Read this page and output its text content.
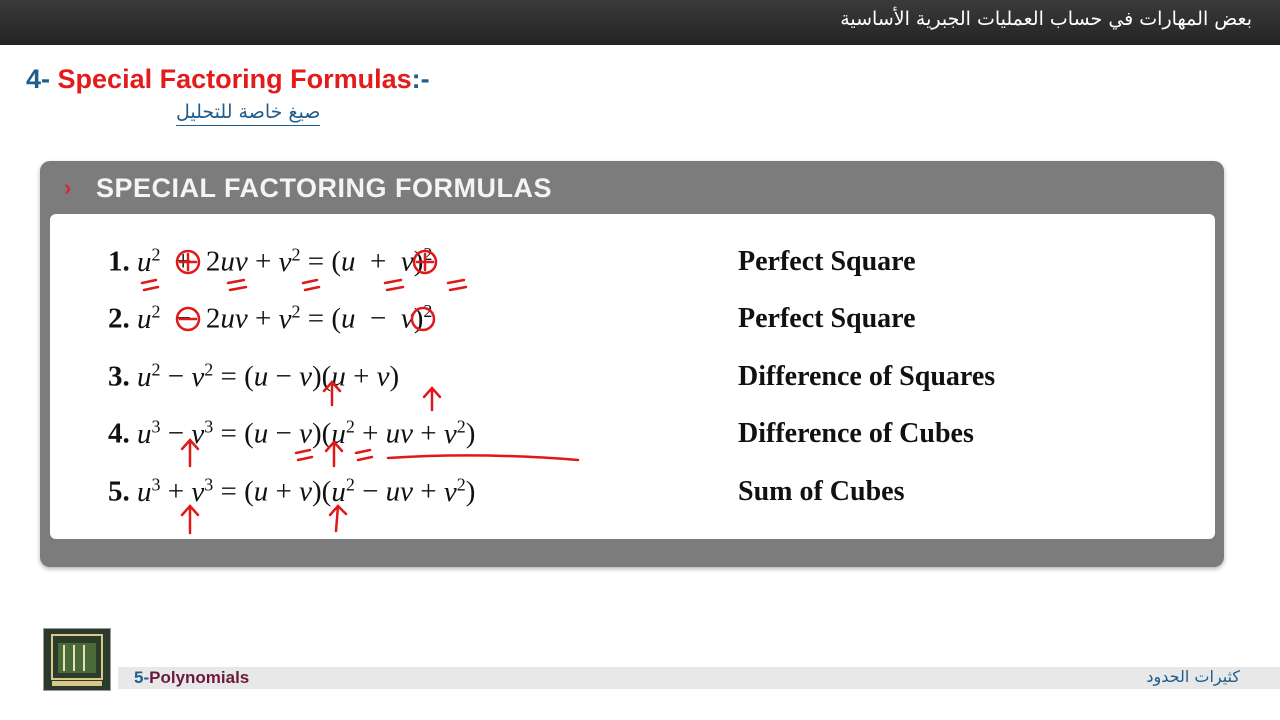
بعض المهارات في حساب العمليات الجبرية الأساسية
4- Special Factoring Formulas:-
صيغ خاصة للتحليل
› SPECIAL FACTORING FORMULAS
1. $u^2 + 2uv + v^2 = (u + v)^2$	Perfect Square
2. $u^2 - 2uv + v^2 = (u - v)^2$	Perfect Square
3. $u^2 - v^2 = (u - v)(u + v)$	Difference of Squares
4. $u^3 - v^3 = (u - v)(u^2$ + uv + $v^2$)	Difference of Cubes
5. $u^3 + v^3 = (u + v)(u^2$ − uv + $v^2$)	Sum of Cubes
5-Polynomials	كثيرات الحدود
